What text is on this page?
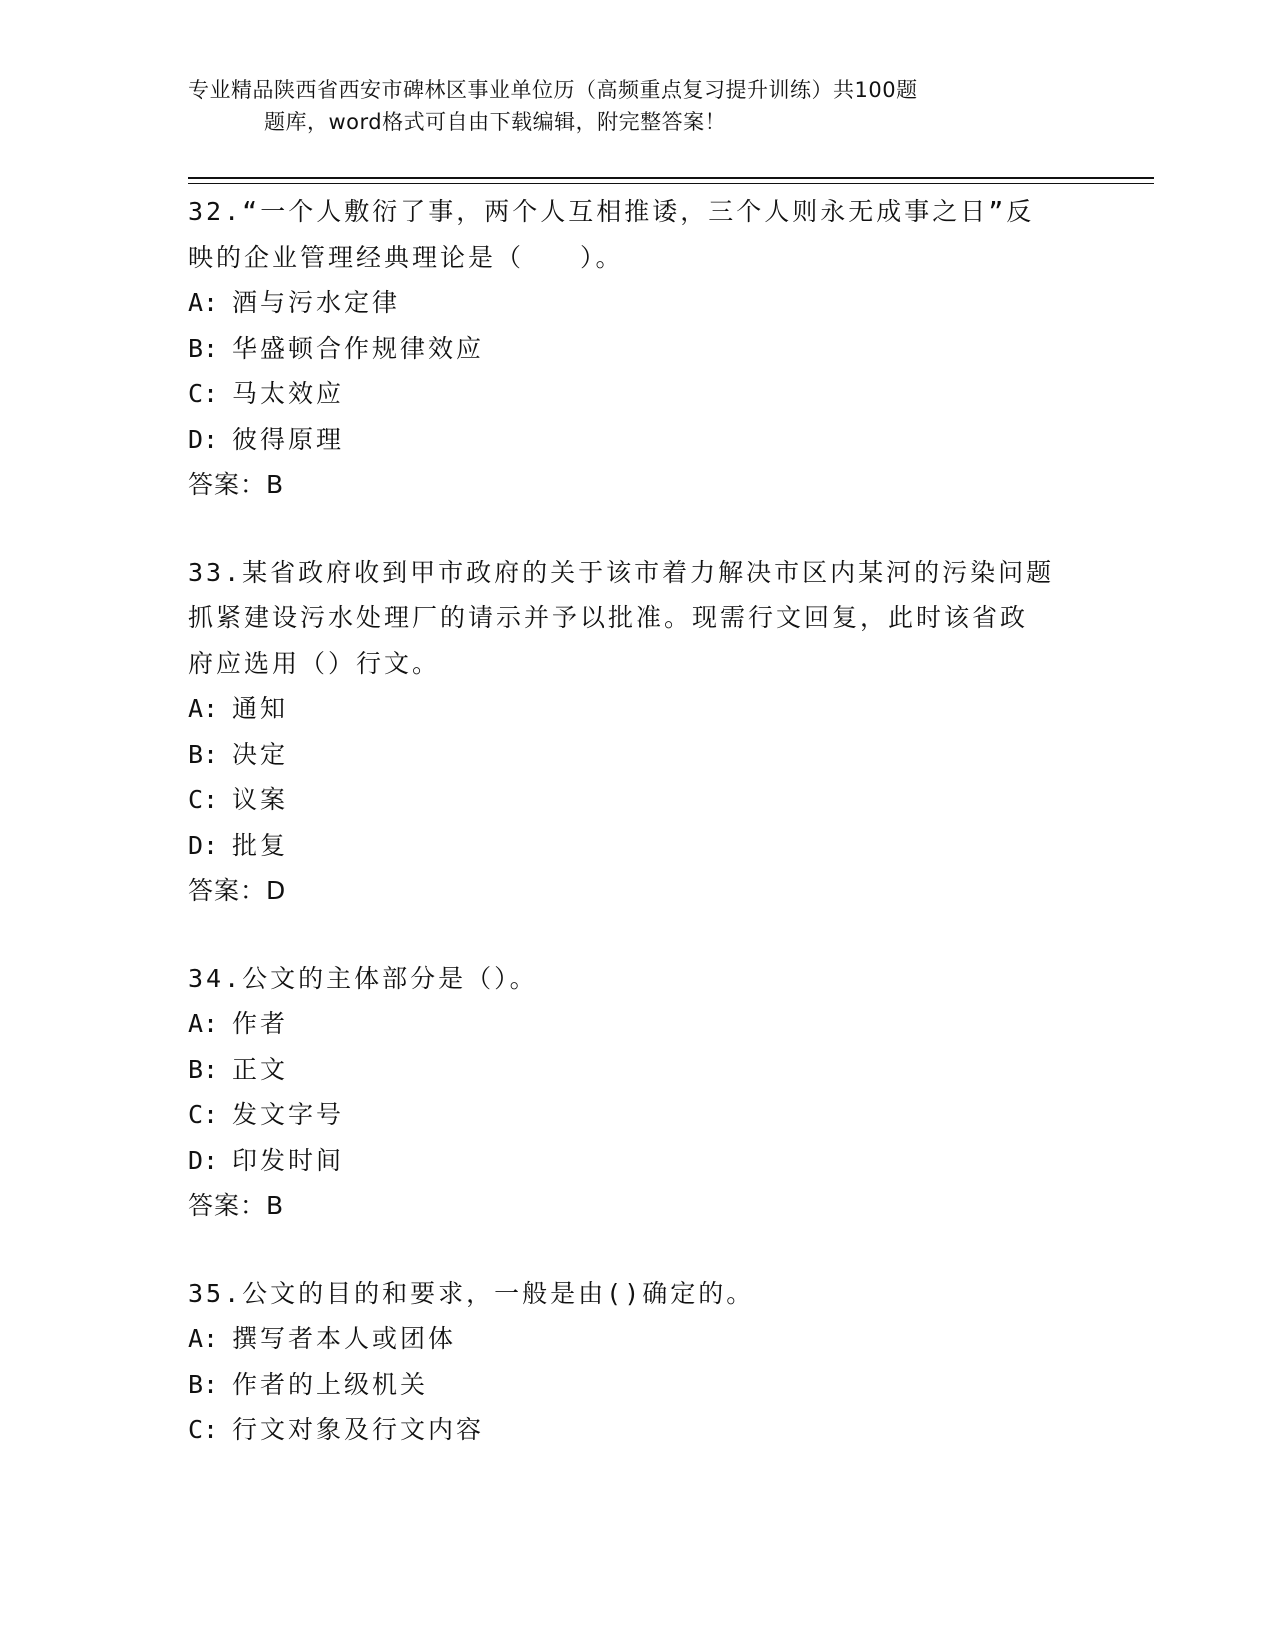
专业精品陕西省西安市碑林区事业单位历（高频重点复习提升训练）共100题
题库，word格式可自由下载编辑，附完整答案！
32.“一个人敷衍了事，两个人互相推诿，三个人则永无成事之日”反
映的企业管理经典理论是（　　）。
A: 酒与污水定律
B: 华盛顿合作规律效应
C: 马太效应
D: 彼得原理
答案：B
33.某省政府收到甲市政府的关于该市着力解决市区内某河的污染问题
抓紧建设污水处理厂的请示并予以批准。现需行文回复，此时该省政
府应选用（）行文。
A: 通知
B: 决定
C: 议案
D: 批复
答案：D
34.公文的主体部分是（）。
A: 作者
B: 正文
C: 发文字号
D: 印发时间
答案：B
35.公文的目的和要求，一般是由()确定的。
A: 撰写者本人或团体
B: 作者的上级机关
C: 行文对象及行文内容
